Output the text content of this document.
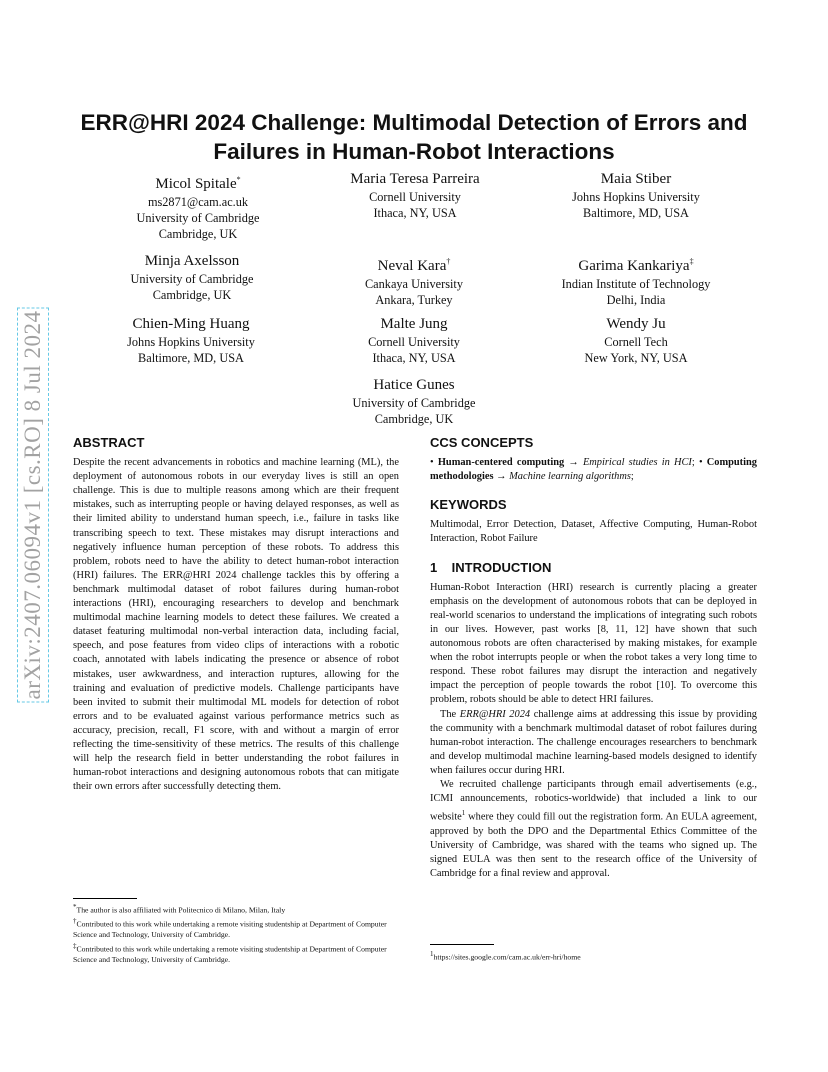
arXiv:2407.06094v1 [cs.RO] 8 Jul 2024
ERR@HRI 2024 Challenge: Multimodal Detection of Errors and Failures in Human-Robot Interactions
Micol Spitale*
ms2871@cam.ac.uk
University of Cambridge
Cambridge, UK
Maria Teresa Parreira
Cornell University
Ithaca, NY, USA
Maia Stiber
Johns Hopkins University
Baltimore, MD, USA
Minja Axelsson
University of Cambridge
Cambridge, UK
Neval Kara†
Cankaya University
Ankara, Turkey
Garima Kankariya‡
Indian Institute of Technology
Delhi, India
Chien-Ming Huang
Johns Hopkins University
Baltimore, MD, USA
Malte Jung
Cornell University
Ithaca, NY, USA
Wendy Ju
Cornell Tech
New York, NY, USA
Hatice Gunes
University of Cambridge
Cambridge, UK
ABSTRACT

Despite the recent advancements in robotics and machine learning (ML), the deployment of autonomous robots in our everyday lives is still an open challenge. This is due to multiple reasons among which are their frequent mistakes, such as interrupting people or having delayed responses, as well as their limited ability to understand human speech, i.e., failure in tasks like transcribing speech to text. These mistakes may disrupt interactions and negatively influence human perception of these robots. To address this problem, robots need to have the ability to detect human-robot interaction (HRI) failures. The ERR@HRI 2024 challenge tackles this by offering a benchmark multimodal dataset of robot failures during human-robot interactions (HRI), encouraging researchers to develop and benchmark multimodal machine learning models to detect these failures. We created a dataset featuring multimodal non-verbal interaction data, including facial, speech, and pose features from video clips of interactions with a robotic coach, annotated with labels indicating the presence or absence of robot mistakes, user awkwardness, and interaction ruptures, allowing for the training and evaluation of predictive models. Challenge participants have been invited to submit their multimodal ML models for detection of robot errors and to be evaluated against various performance metrics such as accuracy, precision, recall, F1 score, with and without a margin of error reflecting the time-sensitivity of these metrics. The results of this challenge will help the research field in better understanding the robot failures in human-robot interactions and designing autonomous robots that can mitigate their own errors after successfully detecting them.

*The author is also affiliated with Politecnico di Milano, Milan, Italy

†Contributed to this work while undertaking a remote visiting studentship at Department of Computer Science and Technology, University of Cambridge.

‡Contributed to this work while undertaking a remote visiting studentship at Department of Computer Science and Technology, University of Cambridge.

CCS CONCEPTS

• Human-centered computing → Empirical studies in HCI; • Computing methodologies → Machine learning algorithms;

KEYWORDS

Multimodal, Error Detection, Dataset, Affective Computing, Human-Robot Interaction, Robot Failure

1    INTRODUCTION

Human-Robot Interaction (HRI) research is currently placing a greater emphasis on the development of autonomous robots that can be deployed in real-world scenarios to understand the implications of integrating such robots in our lives. However, past works [8, 11, 12] have shown that such autonomous robots are often characterised by making mistakes, for example when the robot interrupts people or when the robot takes a very long time to respond. These robot failures may disrupt the interaction and negatively impact the perception of people towards the robot [10]. To overcome this problem, robots should be able to detect HRI failures.

The ERR@HRI 2024 challenge aims at addressing this issue by providing the community with a benchmark multimodal dataset of robot failures during human-robot interaction. The challenge encourages researchers to benchmark and develop multimodal machine learning-based models designed to identify when failures occur during HRI.

We recruited challenge participants through email advertisements (e.g., ICMI announcements, robotics-worldwide) that included a link to our website$^1$ where they could fill out the registration form. An EULA agreement, approved by both the DPO and the Departmental Ethics Committee of the University of Cambridge, was shared with the teams who signed up. The signed EULA was then sent to the research office of the University of Cambridge for a final review and approval.

$^1$https://sites.google.com/cam.ac.uk/err-hri/home
